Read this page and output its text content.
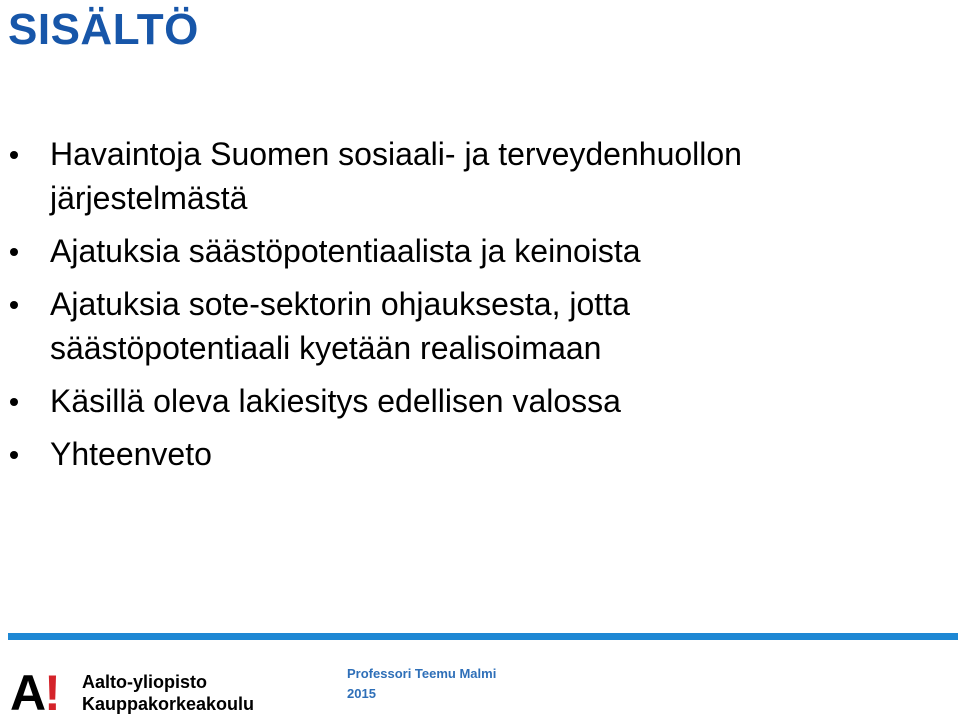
SISÄLTÖ
Havaintoja Suomen sosiaali- ja terveydenhuollon
järjestelmästä
Ajatuksia säästöpotentiaalista ja keinoista
Ajatuksia sote-sektorin ohjauksesta, jotta
säästöpotentiaali kyetään realisoimaan
Käsillä oleva lakiesitys edellisen valossa
Yhteenveto
A! Aalto-yliopisto
Kauppakorkeakoulu
Professori Teemu Malmi
2015
